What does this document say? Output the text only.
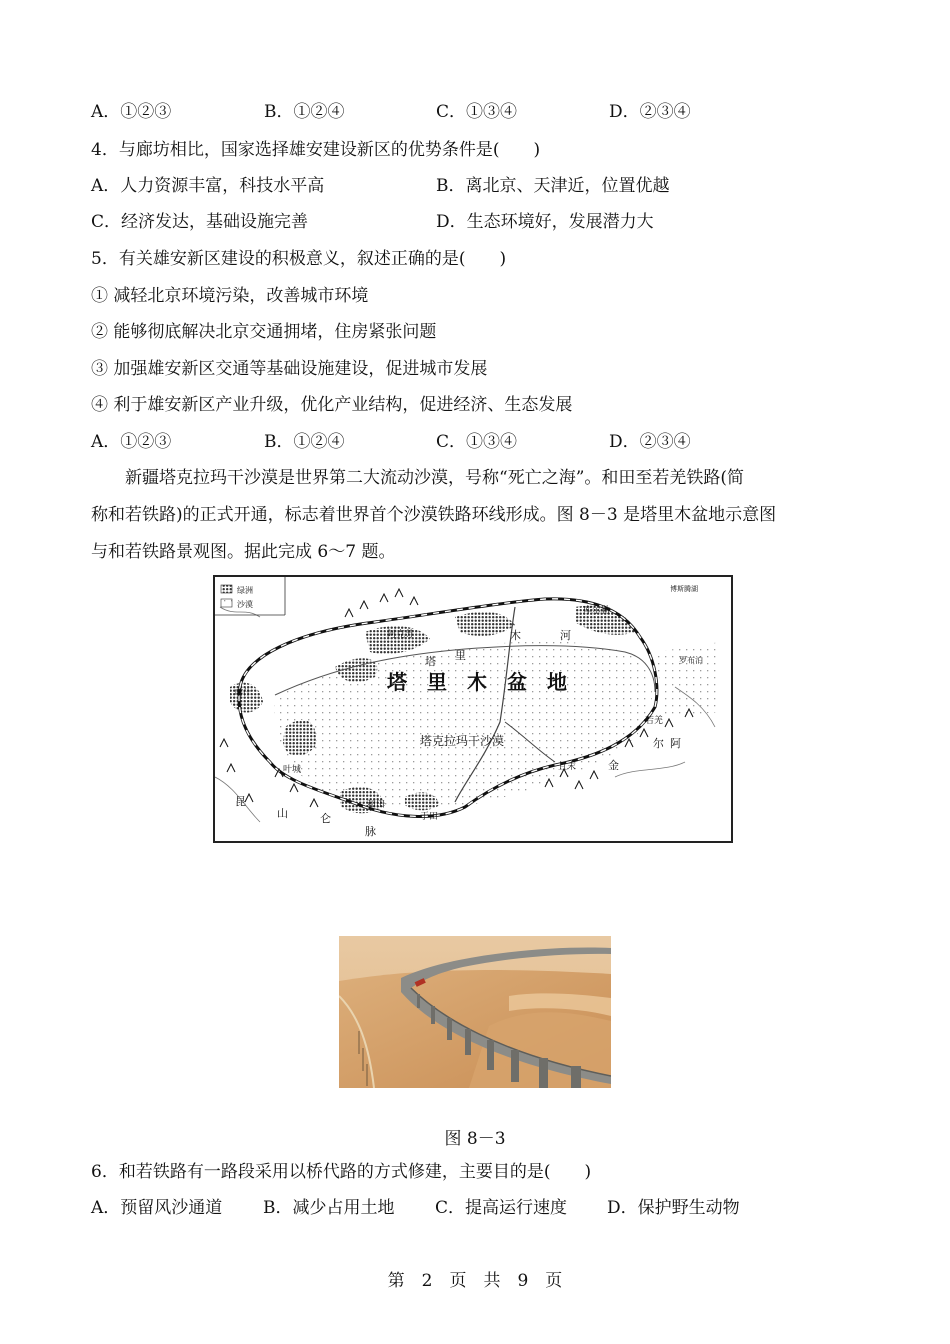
A．①②③	B．①②④	C．①③④	D．②③④
4．与廊坊相比，国家选择雄安建设新区的优势条件是(　　)
A．人力资源丰富，科技水平高	B．离北京、天津近，位置优越
C．经济发达，基础设施完善	D．生态环境好，发展潜力大
5．有关雄安新区建设的积极意义，叙述正确的是(　　)
① 减轻北京环境污染，改善城市环境
② 能够彻底解决北京交通拥堵，住房紧张问题
③ 加强雄安新区交通等基础设施建设，促进城市发展
④ 利于雄安新区产业升级，优化产业结构，促进经济、生态发展
A．①②③	B．①②④	C．①③④	D．②③④

新疆塔克拉玛干沙漠是世界第二大流动沙漠，号称“死亡之海”。和田至若羌铁路(简

称和若铁路)的正式开通，标志着世界首个沙漠铁路环线形成。图 8－3 是塔里木盆地示意图

与和若铁路景观图。据此完成 6～7 题。

绿洲
沙漠
塔　里　木　盆　地
塔克拉玛干沙漠
里
塔
木	河
阿克苏
库尔勒
罗布泊
若羌
叶城
和田
于田
且末
博斯腾湖
喀什
昆
仑
山
脉
阿
尔
金
图 8－3
6．和若铁路有一路段采用以桥代路的方式修建，主要目的是(　　)
A．预留风沙通道 B．减少占用土地 C．提高运行速度 D．保护野生动物
第　2　页　共　9　页
